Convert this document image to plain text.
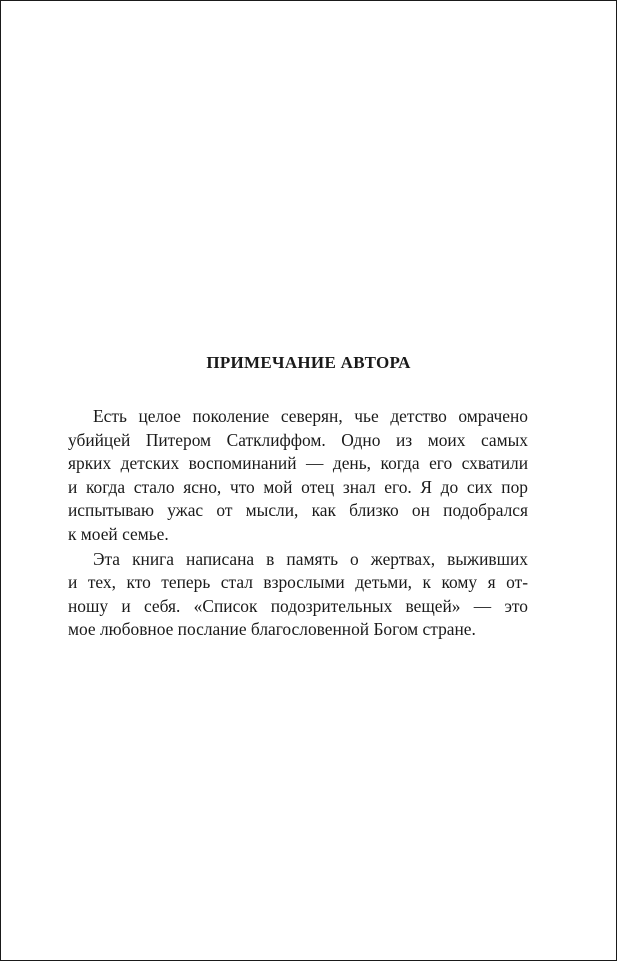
ПРИМЕЧАНИЕ АВТОРА

Есть целое поколение северян, чье детство омрачено
убийцей Питером Сатклиффом. Одно из моих самых
ярких детских воспоминаний — день, когда его схватили
и когда стало ясно, что мой отец знал его. Я до сих пор
испытываю ужас от мысли, как близко он подобрался
к моей семье.

Эта книга написана в память о жертвах, выживших
и тех, кто теперь стал взрослыми детьми, к кому я от-
ношу и себя. «Список подозрительных вещей» — это
мое любовное послание благословенной Богом стране.
